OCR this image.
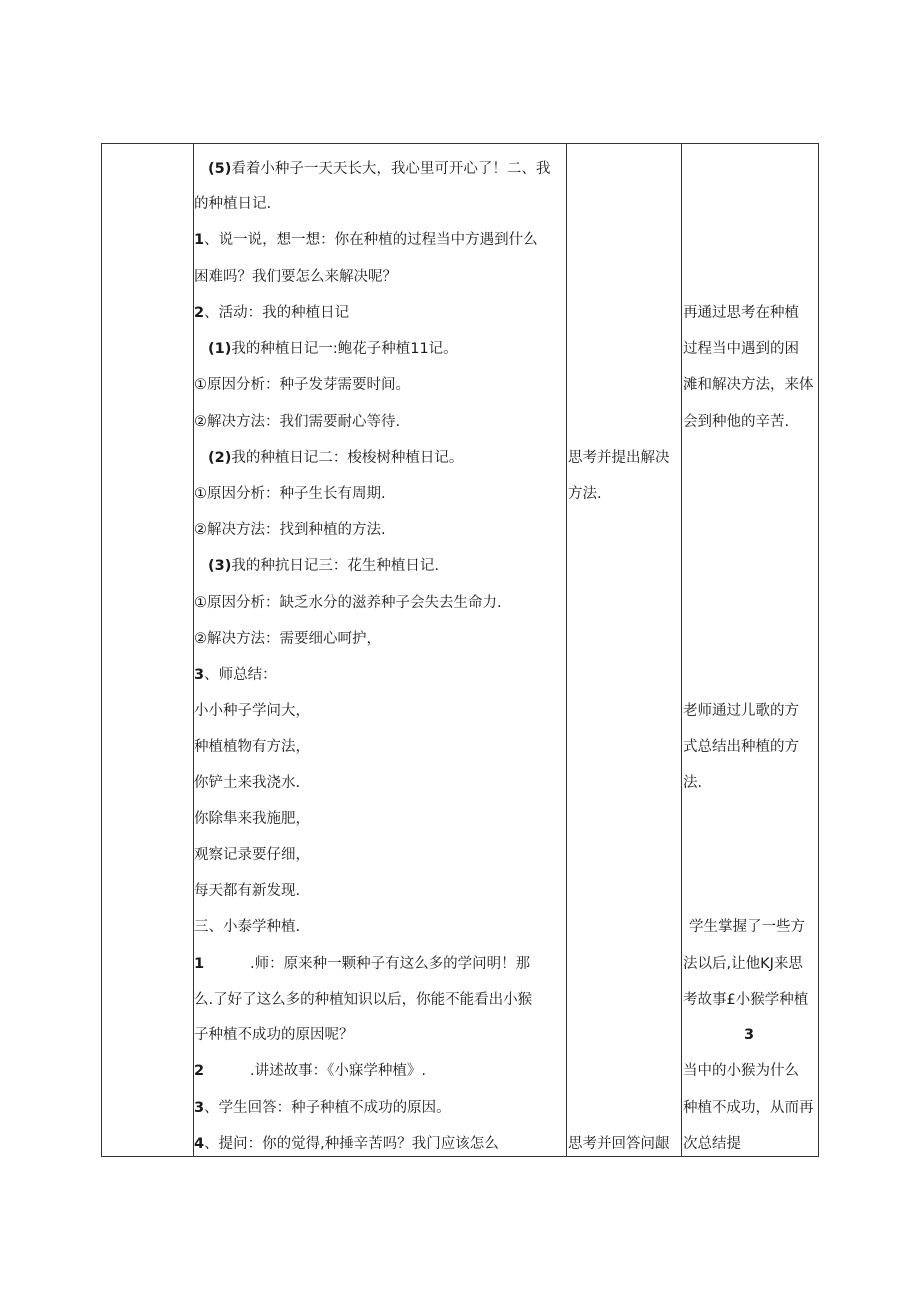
(5)看着小种子一天天长大，我心里可开心了！二、我
的种植日记.
1、说一说，想一想：你在种植的过程当中方遇到什么
困难吗？我们要怎么来解决呢？
2、活动：我的种植日记
(1)我的种植日记一:鲍花子种植11记。
①原因分析：种子发芽需要时间。
②解决方法：我们需要耐心等待.
(2)我的种植日记二：梭梭树种植日记。
①原因分析：种子生长有周期.
②解决方法：找到种植的方法.
(3)我的种抗日记三：花生种植日记.
①原因分析：缺乏水分的滋养种子会失去生命力.
②解决方法：需要细心呵护，
3、师总结：
小小种子学问大，
种植植物有方法，
你铲土来我浇水.
你除隼来我施肥，
观察记录要仔细，
每天都有新发现.
三、小泰学种植.
1	.师：原来种一颗种子有这么多的学问明！那
么.了好了这么多的种植知识以后，你能不能看出小猴
子种植不成功的原因呢？
2	.讲述故事：《小寐学种植》.
3、学生回答：种子种植不成功的原因。
4、提问：你的觉得,种捶辛苦吗？我门应该怎么
思考并提出解决
方法.
思考并回答问龈
再通过思考在种植
过程当中遇到的困
滩和解决方法，来体
会到种他的辛苦.
老师通过儿歌的方
式总结出种植的方
法.
学生掌握了一些方
法以后,让他KJ来思
考故事£小猴学种植
3
当中的小猴为什么
种植不成功，从而再
次总结提
